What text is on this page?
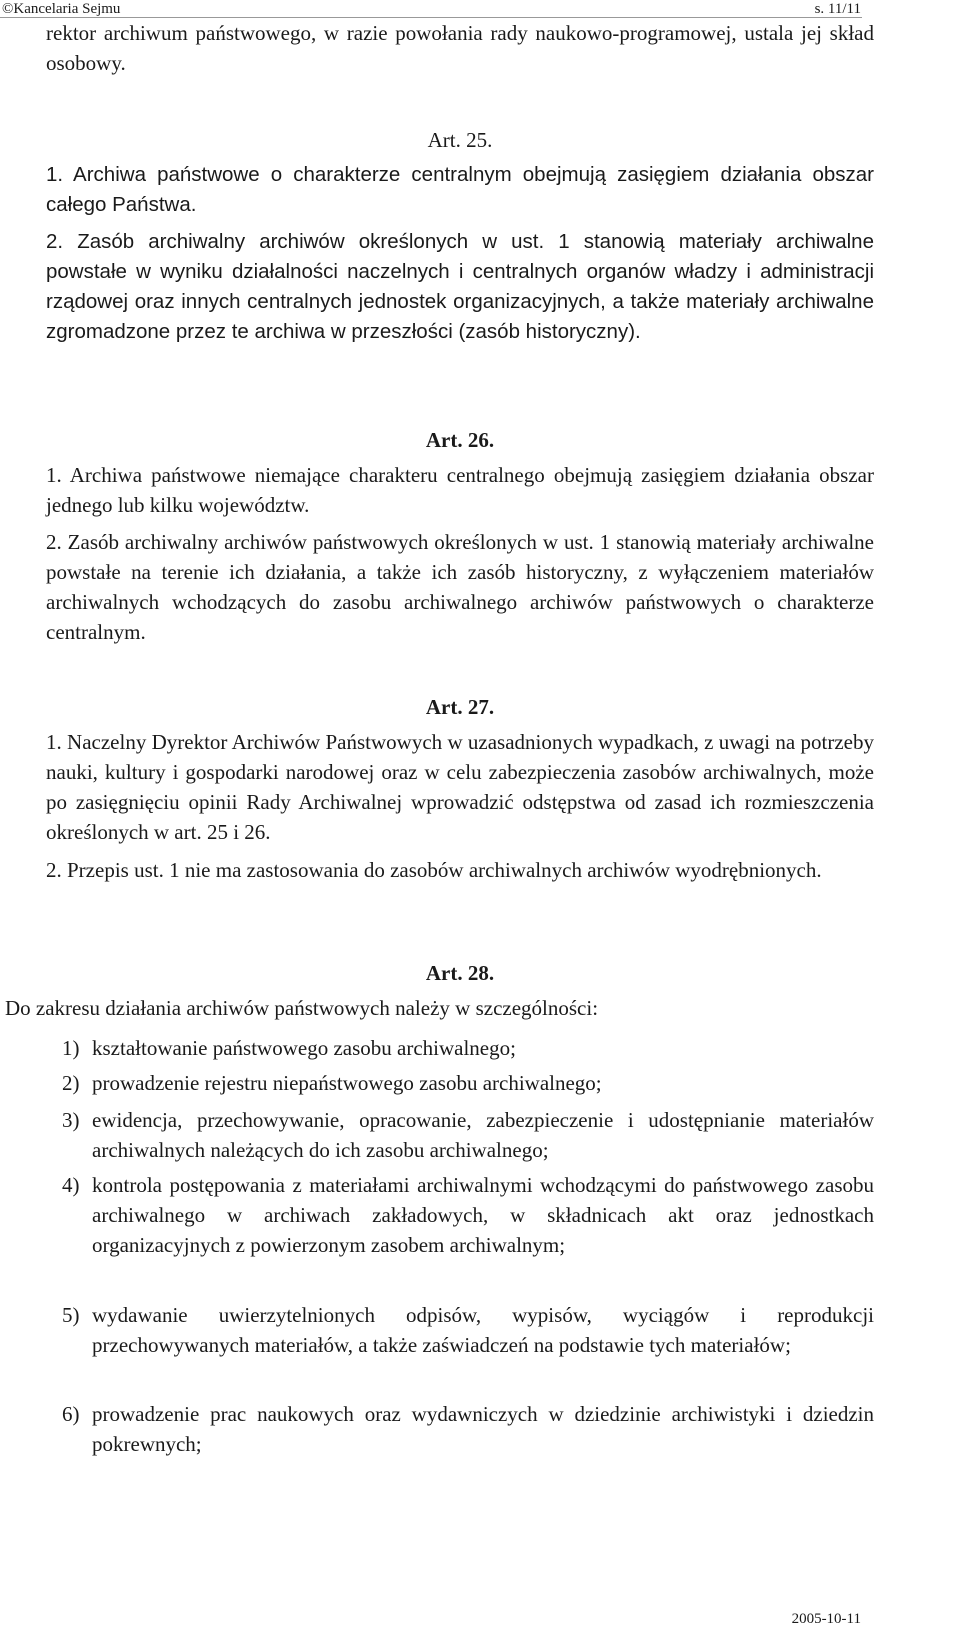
©Kancelaria Sejmu	s. 11/11
rektor archiwum państwowego, w razie powołania rady naukowo-programowej, ustala jej skład osobowy.
Art. 25.
1. Archiwa państwowe o charakterze centralnym obejmują zasięgiem działania obszar całego Państwa.
2. Zasób archiwalny archiwów określonych w ust. 1 stanowią materiały archiwalne powstałe w wyniku działalności naczelnych i centralnych organów władzy i administracji rządowej oraz innych centralnych jednostek organizacyjnych, a także materiały archiwalne zgromadzone przez te archiwa w przeszłości (zasób historyczny).
Art. 26.
1. Archiwa państwowe niemające charakteru centralnego obejmują zasięgiem działania obszar jednego lub kilku województw.
2. Zasób archiwalny archiwów państwowych określonych w ust. 1 stanowią materiały archiwalne powstałe na terenie ich działania, a także ich zasób historyczny, z wyłączeniem materiałów archiwalnych wchodzących do zasobu archiwalnego archiwów państwowych o charakterze centralnym.
Art. 27.
1. Naczelny Dyrektor Archiwów Państwowych w uzasadnionych wypadkach, z uwagi na potrzeby nauki, kultury i gospodarki narodowej oraz w celu zabezpieczenia zasobów archiwalnych, może po zasięgnięciu opinii Rady Archiwalnej wprowadzić odstępstwa od zasad ich rozmieszczenia określonych w art. 25 i 26.
2. Przepis ust. 1 nie ma zastosowania do zasobów archiwalnych archiwów wyodrębnionych.
Art. 28.
Do zakresu działania archiwów państwowych należy w szczególności:
1) kształtowanie państwowego zasobu archiwalnego;
2) prowadzenie rejestru niepaństwowego zasobu archiwalnego;
3) ewidencja, przechowywanie, opracowanie, zabezpieczenie i udostępnianie materiałów archiwalnych należących do ich zasobu archiwalnego;
4) kontrola postępowania z materiałami archiwalnymi wchodzącymi do państwowego zasobu archiwalnego w archiwach zakładowych, w składnicach akt oraz jednostkach organizacyjnych z powierzonym zasobem archiwalnym;
5) wydawanie uwierzytelnionych odpisów, wypisów, wyciągów i reprodukcji przechowywanych materiałów, a także zaświadczeń na podstawie tych materiałów;
6) prowadzenie prac naukowych oraz wydawniczych w dziedzinie archiwistyki i dziedzin pokrewnych;
2005-10-11
